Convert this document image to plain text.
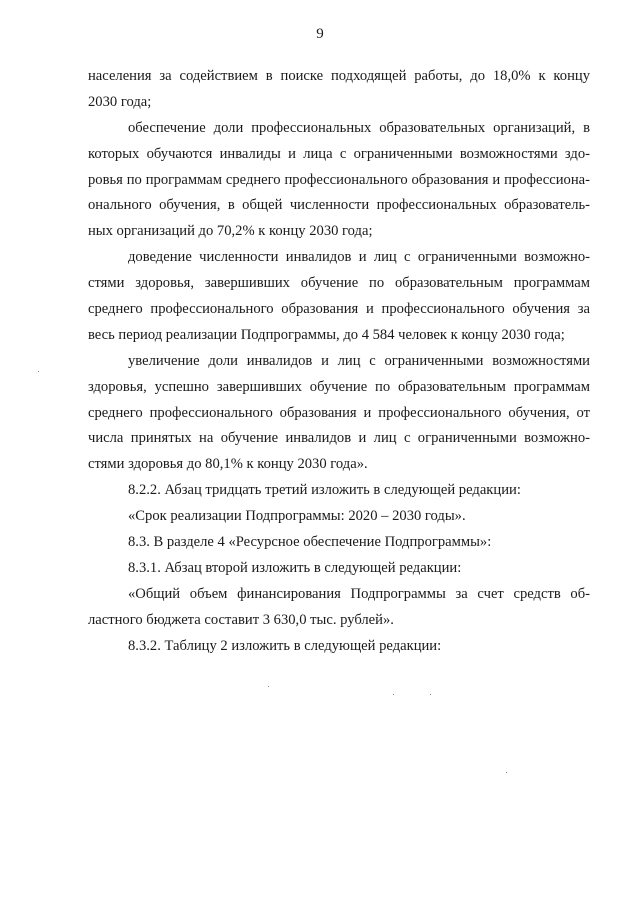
9
населения за содействием в поиске подходящей работы, до 18,0% к концу
2030 года;
обеспечение доли профессиональных образовательных организаций, в
которых обучаются инвалиды и лица с ограниченными возможностями здо-
ровья по программам среднего профессионального образования и профессиона-
онального обучения, в общей численности профессиональных образователь-
ных организаций до 70,2% к концу 2030 года;
доведение численности инвалидов и лиц с ограниченными возможно-
стями здоровья, завершивших обучение по образовательным программам
среднего профессионального образования и профессионального обучения за
весь период реализации Подпрограммы, до 4 584 человек к концу 2030 года;
увеличение доли инвалидов и лиц с ограниченными возможностями
здоровья, успешно завершивших обучение по образовательным программам
среднего профессионального образования и профессионального обучения, от
числа принятых на обучение инвалидов и лиц с ограниченными возможно-
стями здоровья до 80,1% к концу 2030 года».
8.2.2. Абзац тридцать третий изложить в следующей редакции:
«Срок реализации Подпрограммы: 2020 – 2030 годы».
8.3. В разделе 4 «Ресурсное обеспечение Подпрограммы»:
8.3.1. Абзац второй изложить в следующей редакции:
«Общий объем финансирования Подпрограммы за счет средств об-
ластного бюджета составит 3 630,0 тыс. рублей».
8.3.2. Таблицу 2 изложить в следующей редакции:
